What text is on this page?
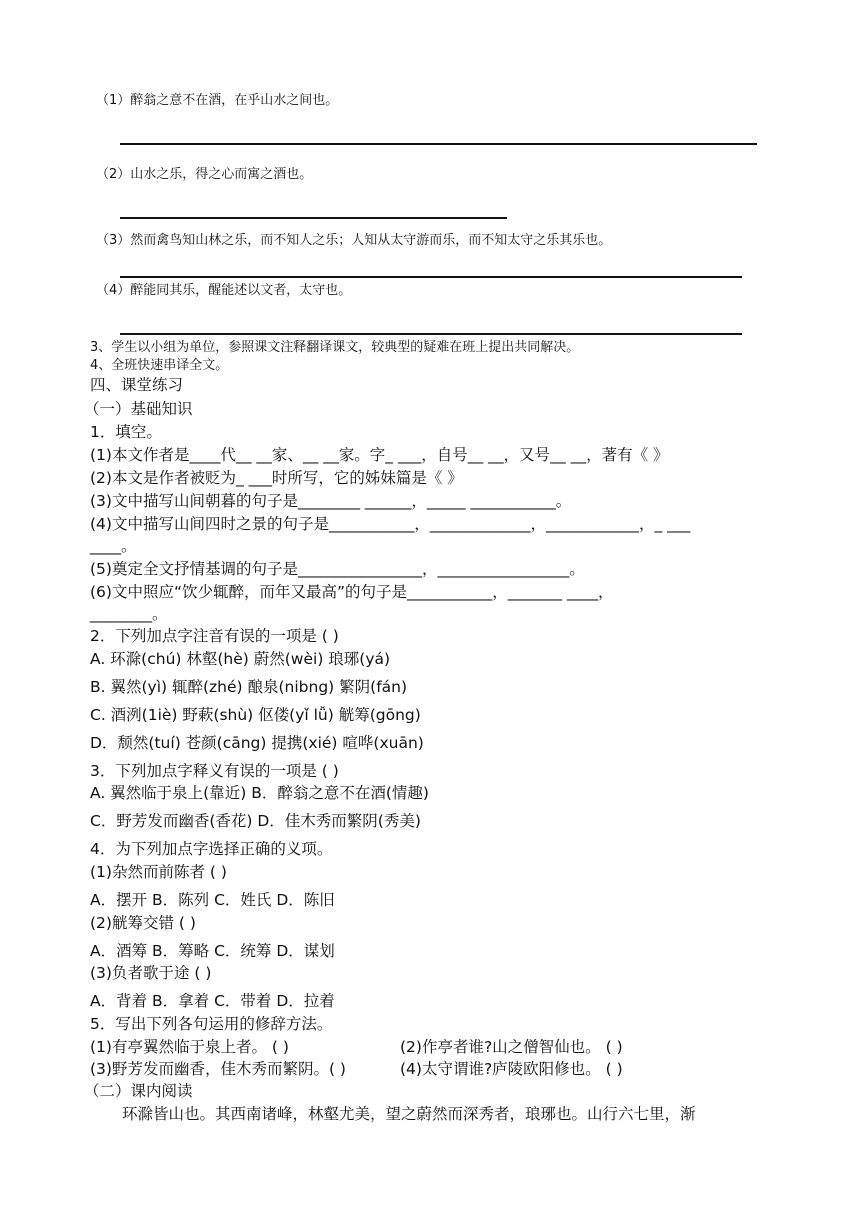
（1）醉翁之意不在酒，在乎山水之间也。
（2）山水之乐，得之心而寓之酒也。
（3）然而禽鸟知山林之乐，而不知人之乐；人知从太守游而乐，而不知太守之乐其乐也。
（4）醉能同其乐，醒能述以文者，太守也。
3、学生以小组为单位，参照课文注释翻译课文，较典型的疑难在班上提出共同解决。
4、全班快速串译全文。
四、课堂练习
（一）基础知识
1．填空。
(1)本文作者是____代__ __家、__ __家。字_ ___，自号__ __，又号__ __，著有《 》
(2)本文是作者被贬为_ ___时所写，它的姊妹篇是《 》
(3)文中描写山间朝暮的句子是________ ______，_____ ___________。
(4)文中描写山间四时之景的句子是___________，_____________，____________，_ ___
____。
(5)奠定全文抒情基调的句子是________________，_________________。
(6)文中照应“饮少辄醉，而年又最高”的句子是___________，_______ ____，
________。
2．下列加点字注音有误的一项是 ( )
A. 环滁(chú) 林壑(hè) 蔚然(wèi) 琅琊(yá)
B. 翼然(yì) 辄醉(zhé) 酿泉(nibng) 繁阴(fán)
C. 酒洌(1iè) 野蔌(shù) 伛偻(yǐ lǚ) 觥筹(gōng)
D．颓然(tuí) 苍颜(cāng) 提携(xié) 喧哗(xuān)
3．下列加点字释义有误的一项是 ( )
A. 翼然临于泉上(靠近) B．醉翁之意不在酒(情趣)
C．野芳发而幽香(香花) D．佳木秀而繁阴(秀美)
4．为下列加点字选择正确的义项。
(1)杂然而前陈者 ( )
A．摆开 B．陈列 C．姓氏 D．陈旧
(2)觥筹交错 ( )
A．酒筹 B．筹略 C．统筹 D．谋划
(3)负者歌于途 ( )
A．背着 B．拿着 C．带着 D．拉着
5．写出下列各句运用的修辞方法。
(1)有亭翼然临于泉上者。 ( )	(2)作亭者谁?山之僧智仙也。 ( )
(3)野芳发而幽香，佳木秀而繁阴。( )	(4)太守谓谁?庐陵欧阳修也。 ( )
（二）课内阅读
环滁皆山也。其西南诸峰，林壑尤美，望之蔚然而深秀者，琅琊也。山行六七里，渐
